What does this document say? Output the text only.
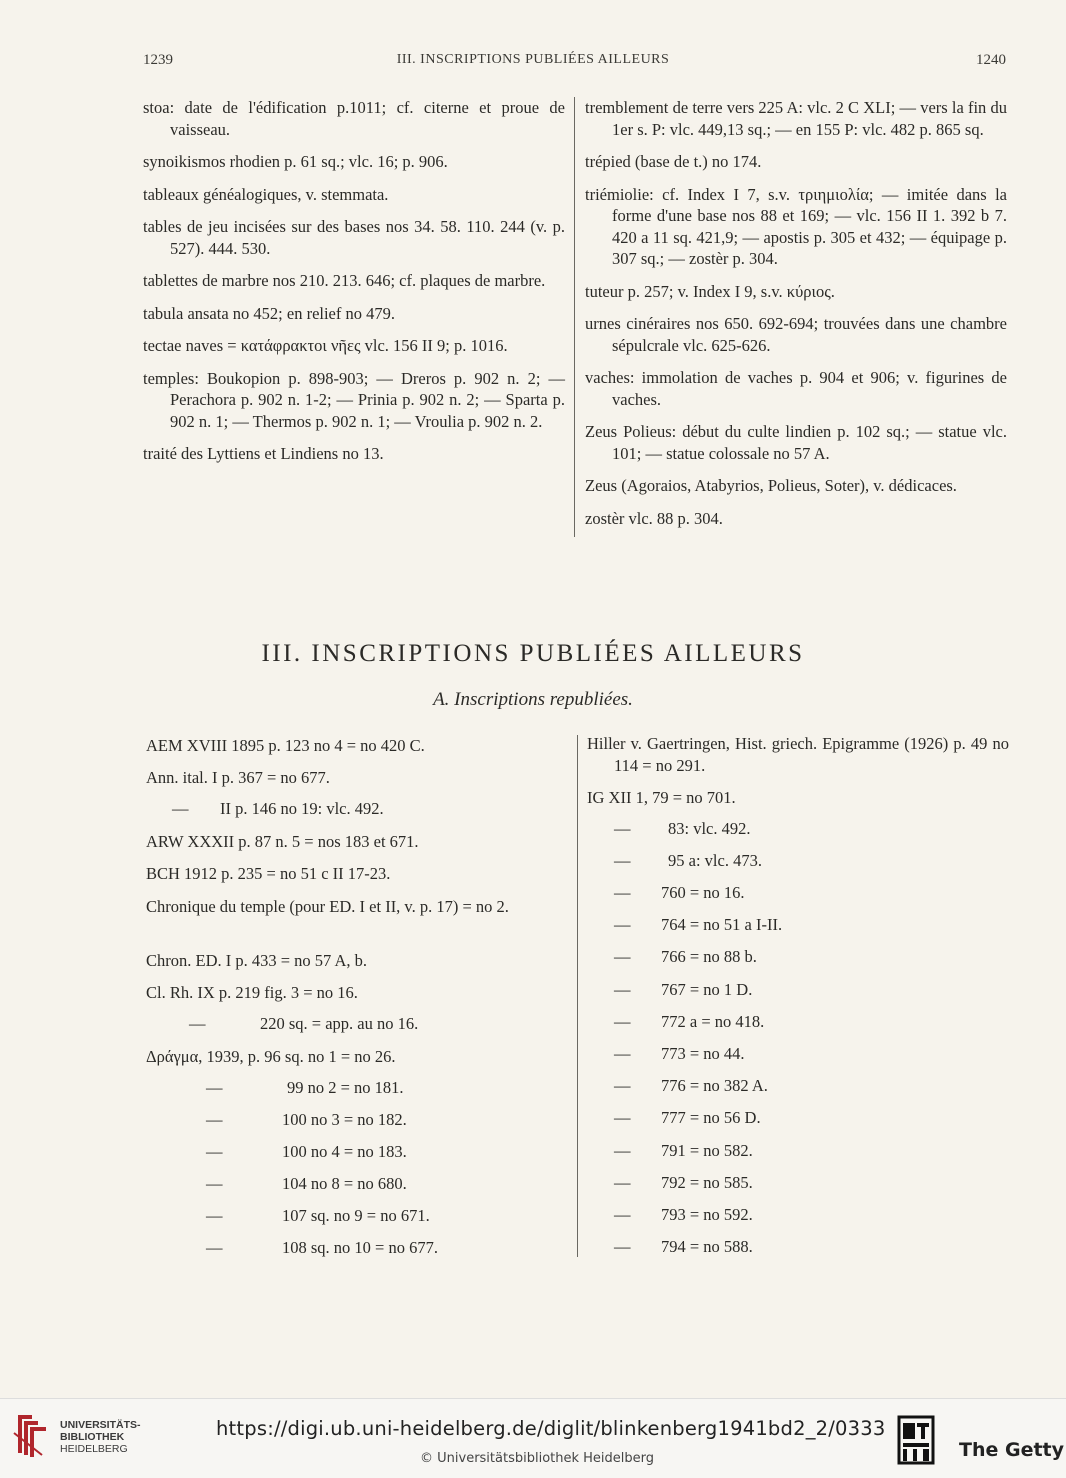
1239	III. INSCRIPTIONS PUBLIÉES AILLEURS	1240

stoa: date de l'édification p.1011; cf. citerne et proue de vaisseau.

synoikismos rhodien p. 61 sq.; vlc. 16; p. 906.

tableaux généalogiques, v. stemmata.

tables de jeu incisées sur des bases nos 34. 58. 110. 244 (v. p. 527). 444. 530.

tablettes de marbre nos 210. 213. 646; cf. plaques de marbre.

tabula ansata no 452; en relief no 479.

tectae naves = κατάφρακτοι νῆες vlc. 156 II 9; p. 1016.

temples: Boukopion p. 898-903; — Dreros p. 902 n. 2; — Perachora p. 902 n. 1-2; — Prinia p. 902 n. 2; — Sparta p. 902 n. 1; — Thermos p. 902 n. 1; — Vroulia p. 902 n. 2.

traité des Lyttiens et Lindiens no 13.

tremblement de terre vers 225 A: vlc. 2 C XLI; — vers la fin du 1er s. P: vlc. 449,13 sq.; — en 155 P: vlc. 482 p. 865 sq.

trépied (base de t.) no 174.

triémiolie: cf. Index I 7, s.v. τριημιολία; — imitée dans la forme d'une base nos 88 et 169; — vlc. 156 II 1. 392 b 7. 420 a 11 sq. 421,9; — apostis p. 305 et 432; — équipage p. 307 sq.; — zostèr p. 304.

tuteur p. 257; v. Index I 9, s.v. κύριος.

urnes cinéraires nos 650. 692-694; trouvées dans une chambre sépulcrale vlc. 625-626.

vaches: immolation de vaches p. 904 et 906; v. figurines de vaches.

Zeus Polieus: début du culte lindien p. 102 sq.; — statue vlc. 101; — statue colossale no 57 A.

Zeus (Agoraios, Atabyrios, Polieus, Soter), v. dédicaces.

zostèr vlc. 88 p. 304.

III. INSCRIPTIONS PUBLIÉES AILLEURS
A. Inscriptions republiées.
AEM XVIII 1895 p. 123 no 4 = no 420 C.
Ann. ital. I p. 367 = no 677.
— II p. 146 no 19: vlc. 492.
ARW XXXII p. 87 n. 5 = nos 183 et 671.
BCH 1912 p. 235 = no 51 c II 17-23.
Chronique du temple (pour ED. I et II, v. p. 17) = no 2.
Chron. ED. I p. 433 = no 57 A, b.
Cl. Rh. IX p. 219 fig. 3 = no 16.
—	220 sq. = app. au no 16.
Δράγμα, 1939, p. 96 sq. no 1 = no 26.
—	99 no 2 = no 181.
—	100 no 3 = no 182.
—	100 no 4 = no 183.
—	104 no 8 = no 680.
—	107 sq. no 9 = no 671.
—	108 sq. no 10 = no 677.
Hiller v. Gaertringen, Hist. griech. Epigramme (1926) p. 49 no 114 = no 291.
IG XII 1, 79 = no 701.
— 83: vlc. 492.
— 95 a: vlc. 473.
— 760 = no 16.
— 764 = no 51 a I-II.
— 766 = no 88 b.
— 767 = no 1 D.
— 772 a = no 418.
— 773 = no 44.
— 776 = no 382 A.
— 777 = no 56 D.
— 791 = no 582.
— 792 = no 585.
— 793 = no 592.
— 794 = no 588.
UNIVERSITÄTS-
BIBLIOTHEK
HEIDELBERG
https://digi.ub.uni-heidelberg.de/diglit/blinkenberg1941bd2_2/0333
© Universitätsbibliothek Heidelberg	The Getty
